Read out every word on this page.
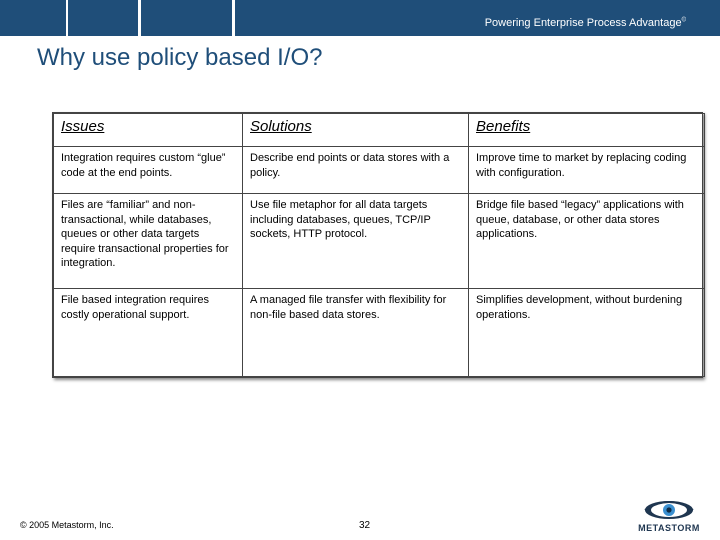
Powering Enterprise Process Advantage©
Why use policy based I/O?
Issues	Solutions	Benefits
Integration requires custom “glue” code at the end points.	Describe end points or data stores with a policy.	Improve time to market by replacing coding with configuration.
Files are “familiar” and non-transactional, while databases, queues or other data targets require transactional properties for integration.	Use file metaphor for all data targets including databases, queues, TCP/IP sockets, HTTP protocol.	Bridge file based “legacy” applications with queue, database, or other data stores applications.
File based integration requires costly operational support.	A managed file transfer with flexibility for non-file based data stores.	Simplifies development, without burdening operations.
© 2005 Metastorm, Inc.	32	METASTORM
